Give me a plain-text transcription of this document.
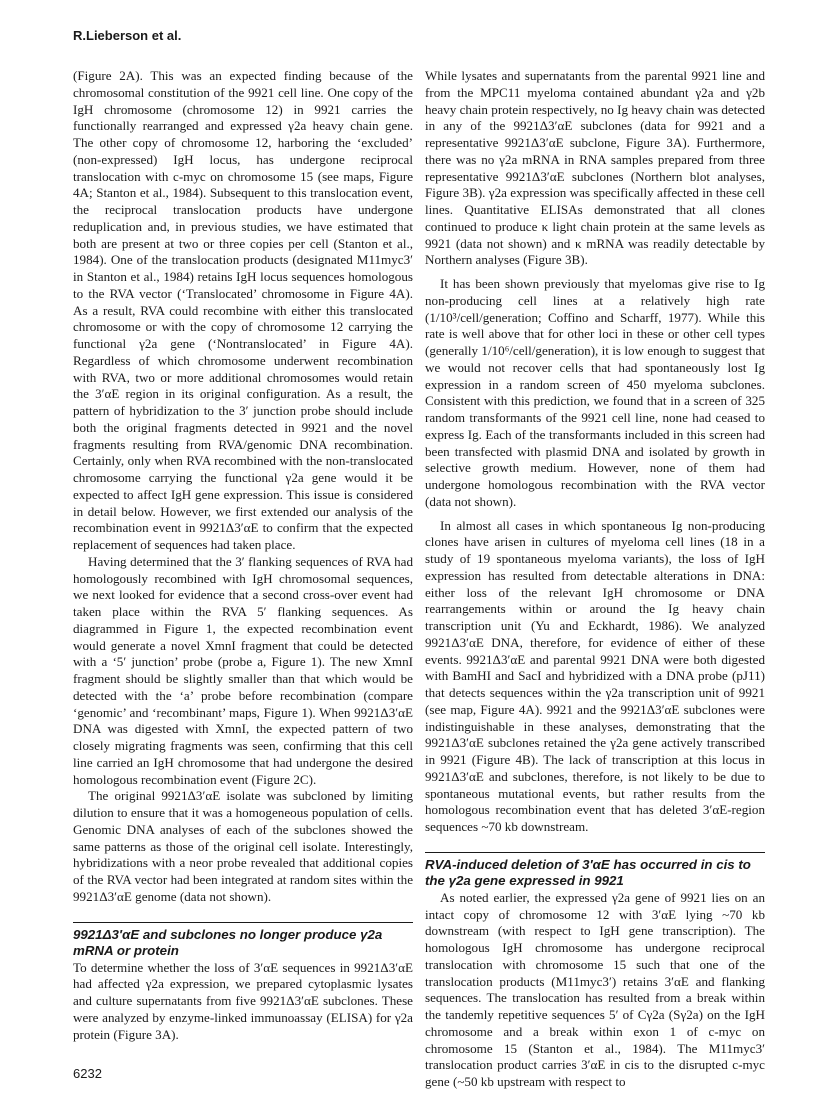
R.Lieberson et al.

(Figure 2A). This was an expected finding because of the chromosomal constitution of the 9921 cell line. One copy of the IgH chromosome (chromosome 12) in 9921 carries the functionally rearranged and expressed γ2a heavy chain gene. The other copy of chromosome 12, harboring the ‘excluded’ (non-expressed) IgH locus, has undergone reciprocal translocation with c-myc on chromosome 15 (see maps, Figure 4A; Stanton et al., 1984). Subsequent to this translocation event, the reciprocal translocation products have undergone reduplication and, in previous studies, we have estimated that both are present at two or three copies per cell (Stanton et al., 1984). One of the translocation products (designated M11myc3′ in Stanton et al., 1984) retains IgH locus sequences homologous to the RVA vector (‘Translocated’ chromosome in Figure 4A). As a result, RVA could recombine with either this translocated chromosome or with the copy of chromosome 12 carrying the functional γ2a gene (‘Nontranslocated’ in Figure 4A). Regardless of which chromosome underwent recombination with RVA, two or more additional chromosomes would retain the 3′αE region in its original configuration. As a result, the pattern of hybridization to the 3′ junction probe should include both the original fragments detected in 9921 and the novel fragments resulting from RVA/genomic DNA recombination. Certainly, only when RVA recombined with the non-translocated chromosome carrying the functional γ2a gene would it be expected to affect IgH gene expression. This issue is considered in detail below. However, we first extended our analysis of the recombination event in 9921Δ3′αE to confirm that the expected replacement of sequences had taken place.

Having determined that the 3′ flanking sequences of RVA had homologously recombined with IgH chromosomal sequences, we next looked for evidence that a second cross-over event had taken place within the RVA 5′ flanking sequences. As diagrammed in Figure 1, the expected recombination event would generate a novel XmnI fragment that could be detected with a ‘5′ junction’ probe (probe a, Figure 1). The new XmnI fragment should be slightly smaller than that which would be detected with the ‘a’ probe before recombination (compare ‘genomic’ and ‘recombinant’ maps, Figure 1). When 9921Δ3′αE DNA was digested with XmnI, the expected pattern of two closely migrating fragments was seen, confirming that this cell line carried an IgH chromosome that had undergone the desired homologous recombination event (Figure 2C).

The original 9921Δ3′αE isolate was subcloned by limiting dilution to ensure that it was a homogeneous population of cells. Genomic DNA analyses of each of the subclones showed the same patterns as those of the original cell isolate. Interestingly, hybridizations with a neor probe revealed that additional copies of the RVA vector had been integrated at random sites within the 9921Δ3′αE genome (data not shown).

9921Δ3′αE and subclones no longer produce γ2a mRNA or protein

To determine whether the loss of 3′αE sequences in 9921Δ3′αE had affected γ2a expression, we prepared cytoplasmic lysates and culture supernatants from five 9921Δ3′αE subclones. These were analyzed by enzyme-linked immunoassay (ELISA) for γ2a protein (Figure 3A).

While lysates and supernatants from the parental 9921 line and from the MPC11 myeloma contained abundant γ2a and γ2b heavy chain protein respectively, no Ig heavy chain was detected in any of the 9921Δ3′αE subclones (data for 9921 and a representative 9921Δ3′αE subclone, Figure 3A). Furthermore, there was no γ2a mRNA in RNA samples prepared from three representative 9921Δ3′αE subclones (Northern blot analyses, Figure 3B). γ2a expression was specifically affected in these cell lines. Quantitative ELISAs demonstrated that all clones continued to produce κ light chain protein at the same levels as 9921 (data not shown) and κ mRNA was readily detectable by Northern analyses (Figure 3B).

It has been shown previously that myelomas give rise to Ig non-producing cell lines at a relatively high rate (1/10³/cell/generation; Coffino and Scharff, 1977). While this rate is well above that for other loci in these or other cell types (generally 1/10⁶/cell/generation), it is low enough to suggest that we would not recover cells that had spontaneously lost Ig expression in a random screen of 450 myeloma subclones. Consistent with this prediction, we found that in a screen of 325 random transformants of the 9921 cell line, none had ceased to express Ig. Each of the transformants included in this screen had been transfected with plasmid DNA and isolated by growth in selective growth medium. However, none of them had undergone homologous recombination with the RVA vector (data not shown).

In almost all cases in which spontaneous Ig non-producing clones have arisen in cultures of myeloma cell lines (18 in a study of 19 spontaneous myeloma variants), the loss of IgH expression has resulted from detectable alterations in DNA: either loss of the relevant IgH chromosome or DNA rearrangements within or around the Ig heavy chain transcription unit (Yu and Eckhardt, 1986). We analyzed 9921Δ3′αE DNA, therefore, for evidence of either of these events. 9921Δ3′αE and parental 9921 DNA were both digested with BamHI and SacI and hybridized with a DNA probe (pJ11) that detects sequences within the γ2a transcription unit of 9921 (see map, Figure 4A). 9921 and the 9921Δ3′αE subclones were indistinguishable in these analyses, demonstrating that the 9921Δ3′αE subclones retained the γ2a gene actively transcribed in 9921 (Figure 4B). The lack of transcription at this locus in 9921Δ3′αE and subclones, therefore, is not likely to be due to spontaneous mutational events, but rather results from the homologous recombination event that has deleted 3′αE-region sequences ~70 kb downstream.

RVA-induced deletion of 3′αE has occurred in cis to the γ2a gene expressed in 9921

As noted earlier, the expressed γ2a gene of 9921 lies on an intact copy of chromosome 12 with 3′αE lying ~70 kb downstream (with respect to IgH gene transcription). The homologous IgH chromosome has undergone reciprocal translocation with chromosome 15 such that one of the translocation products (M11myc3′) retains 3′αE and flanking sequences. The translocation has resulted from a break within the tandemly repetitive sequences 5′ of Cγ2a (Sγ2a) on the IgH chromosome and a break within exon 1 of c-myc on chromosome 15 (Stanton et al., 1984). The M11myc3′ translocation product carries 3′αE in cis to the disrupted c-myc gene (~50 kb upstream with respect to

6232
